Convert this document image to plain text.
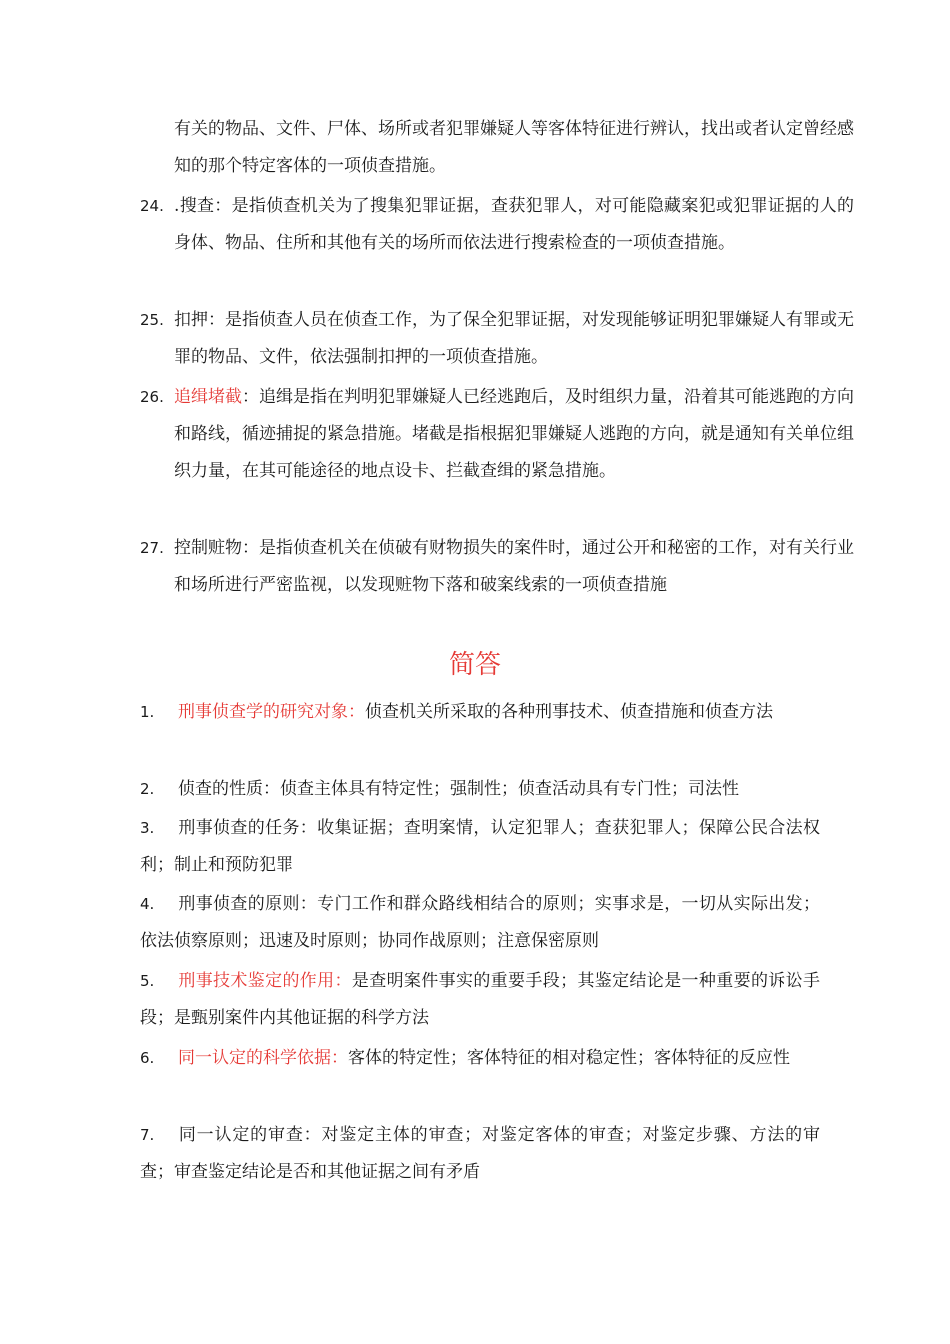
有关的物品、文件、尸体、场所或者犯罪嫌疑人等客体特征进行辨认，找出或者认定曾经感知的那个特定客体的一项侦查措施。
24. .搜查：是指侦查机关为了搜集犯罪证据，查获犯罪人，对可能隐藏案犯或犯罪证据的人的身体、物品、住所和其他有关的场所而依法进行搜索检查的一项侦查措施。
25. 扣押：是指侦查人员在侦查工作，为了保全犯罪证据，对发现能够证明犯罪嫌疑人有罪或无罪的物品、文件，依法强制扣押的一项侦查措施。
26. 追缉堵截：追缉是指在判明犯罪嫌疑人已经逃跑后，及时组织力量，沿着其可能逃跑的方向和路线，循迹捕捉的紧急措施。堵截是指根据犯罪嫌疑人逃跑的方向，就是通知有关单位组织力量，在其可能途径的地点设卡、拦截查缉的紧急措施。
27. 控制赃物：是指侦查机关在侦破有财物损失的案件时，通过公开和秘密的工作，对有关行业和场所进行严密监视，以发现赃物下落和破案线索的一项侦查措施
简答
1. 刑事侦查学的研究对象：侦查机关所采取的各种刑事技术、侦查措施和侦查方法
2. 侦查的性质：侦查主体具有特定性；强制性；侦查活动具有专门性；司法性
3. 刑事侦查的任务：收集证据；查明案情，认定犯罪人；查获犯罪人；保障公民合法权利；制止和预防犯罪
4. 刑事侦查的原则：专门工作和群众路线相结合的原则；实事求是，一切从实际出发；依法侦察原则；迅速及时原则；协同作战原则；注意保密原则
5. 刑事技术鉴定的作用：是查明案件事实的重要手段；其鉴定结论是一种重要的诉讼手段；是甄别案件内其他证据的科学方法
6. 同一认定的科学依据：客体的特定性；客体特征的相对稳定性；客体特征的反应性
7. 同一认定的审查：对鉴定主体的审查；对鉴定客体的审查；对鉴定步骤、方法的审查；审查鉴定结论是否和其他证据之间有矛盾
